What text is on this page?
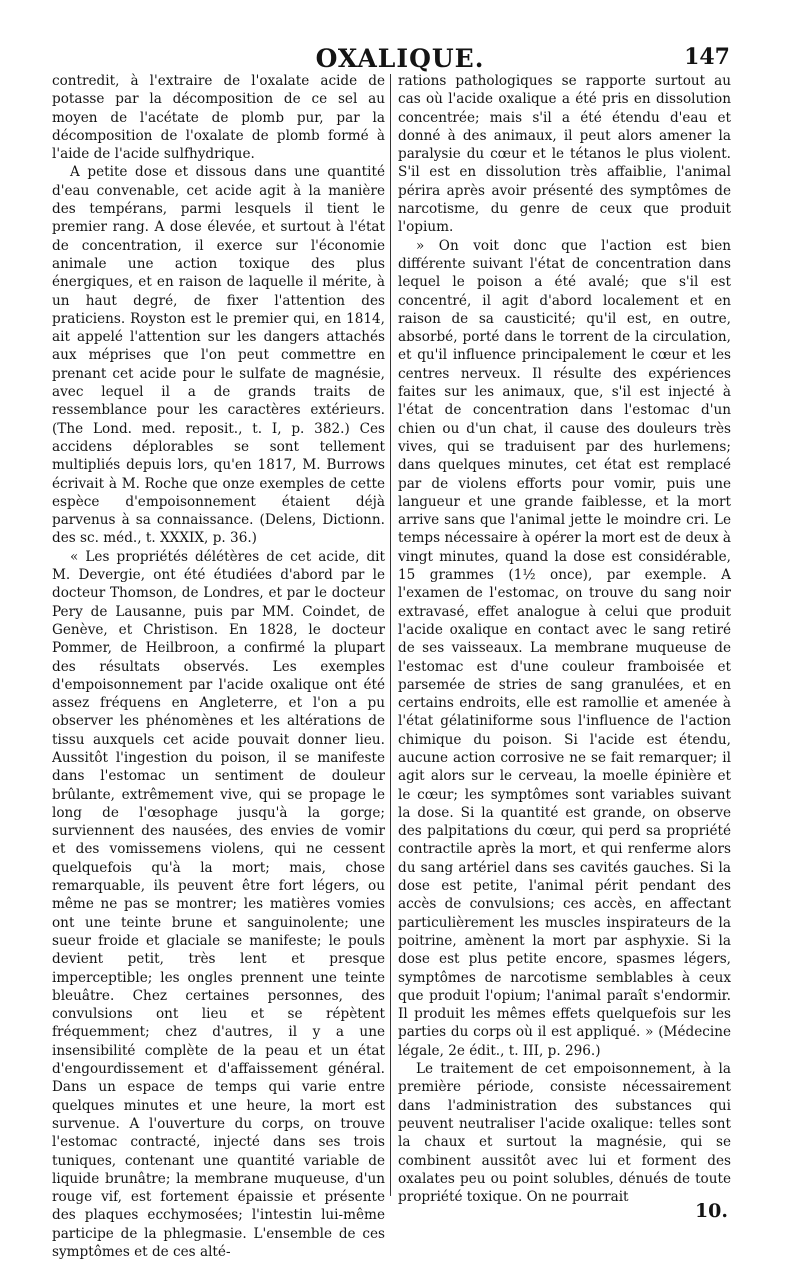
OXALIQUE.	147

contredit, à l'extraire de l'oxalate acide de potasse par la décomposition de ce sel au moyen de l'acétate de plomb pur, par la décomposition de l'oxalate de plomb formé à l'aide de l'acide sulfhydrique.

A petite dose et dissous dans une quantité d'eau convenable, cet acide agit à la manière des tempérans, parmi lesquels il tient le premier rang. A dose élevée, et surtout à l'état de concentration, il exerce sur l'économie animale une action toxique des plus énergiques, et en raison de laquelle il mérite, à un haut degré, de fixer l'attention des praticiens. Royston est le premier qui, en 1814, ait appelé l'attention sur les dangers attachés aux méprises que l'on peut commettre en prenant cet acide pour le sulfate de magnésie, avec lequel il a de grands traits de ressemblance pour les caractères extérieurs. (The Lond. med. reposit., t. I, p. 382.) Ces accidens déplorables se sont tellement multipliés depuis lors, qu'en 1817, M. Burrows écrivait à M. Roche que onze exemples de cette espèce d'empoisonnement étaient déjà parvenus à sa connaissance. (Delens, Dictionn. des sc. méd., t. XXXIX, p. 36.)

« Les propriétés délétères de cet acide, dit M. Devergie, ont été étudiées d'abord par le docteur Thomson, de Londres, et par le docteur Pery de Lausanne, puis par MM. Coindet, de Genève, et Christison. En 1828, le docteur Pommer, de Heilbroon, a confirmé la plupart des résultats observés. Les exemples d'empoisonnement par l'acide oxalique ont été assez fréquens en Angleterre, et l'on a pu observer les phénomènes et les altérations de tissu auxquels cet acide pouvait donner lieu. Aussitôt l'ingestion du poison, il se manifeste dans l'estomac un sentiment de douleur brûlante, extrêmement vive, qui se propage le long de l'œsophage jusqu'à la gorge; surviennent des nausées, des envies de vomir et des vomissemens violens, qui ne cessent quelquefois qu'à la mort; mais, chose remarquable, ils peuvent être fort légers, ou même ne pas se montrer; les matières vomies ont une teinte brune et sanguinolente; une sueur froide et glaciale se manifeste; le pouls devient petit, très lent et presque imperceptible; les ongles prennent une teinte bleuâtre. Chez certaines personnes, des convulsions ont lieu et se répètent fréquemment; chez d'autres, il y a une insensibilité complète de la peau et un état d'engourdissement et d'affaissement général. Dans un espace de temps qui varie entre quelques minutes et une heure, la mort est survenue. A l'ouverture du corps, on trouve l'estomac contracté, injecté dans ses trois tuniques, contenant une quantité variable de liquide brunâtre; la membrane muqueuse, d'un rouge vif, est fortement épaissie et présente des plaques ecchymosées; l'intestin lui-même participe de la phlegmasie. L'ensemble de ces symptômes et de ces alté-

rations pathologiques se rapporte surtout au cas où l'acide oxalique a été pris en dissolution concentrée; mais s'il a été étendu d'eau et donné à des animaux, il peut alors amener la paralysie du cœur et le tétanos le plus violent. S'il est en dissolution très affaiblie, l'animal périra après avoir présenté des symptômes de narcotisme, du genre de ceux que produit l'opium.

» On voit donc que l'action est bien différente suivant l'état de concentration dans lequel le poison a été avalé; que s'il est concentré, il agit d'abord localement et en raison de sa causticité; qu'il est, en outre, absorbé, porté dans le torrent de la circulation, et qu'il influence principalement le cœur et les centres nerveux. Il résulte des expériences faites sur les animaux, que, s'il est injecté à l'état de concentration dans l'estomac d'un chien ou d'un chat, il cause des douleurs très vives, qui se traduisent par des hurlemens; dans quelques minutes, cet état est remplacé par de violens efforts pour vomir, puis une langueur et une grande faiblesse, et la mort arrive sans que l'animal jette le moindre cri. Le temps nécessaire à opérer la mort est de deux à vingt minutes, quand la dose est considérable, 15 grammes (1½ once), par exemple. A l'examen de l'estomac, on trouve du sang noir extravasé, effet analogue à celui que produit l'acide oxalique en contact avec le sang retiré de ses vaisseaux. La membrane muqueuse de l'estomac est d'une couleur framboisée et parsemée de stries de sang granulées, et en certains endroits, elle est ramollie et amenée à l'état gélatiniforme sous l'influence de l'action chimique du poison. Si l'acide est étendu, aucune action corrosive ne se fait remarquer; il agit alors sur le cerveau, la moelle épinière et le cœur; les symptômes sont variables suivant la dose. Si la quantité est grande, on observe des palpitations du cœur, qui perd sa propriété contractile après la mort, et qui renferme alors du sang artériel dans ses cavités gauches. Si la dose est petite, l'animal périt pendant des accès de convulsions; ces accès, en affectant particulièrement les muscles inspirateurs de la poitrine, amènent la mort par asphyxie. Si la dose est plus petite encore, spasmes légers, symptômes de narcotisme semblables à ceux que produit l'opium; l'animal paraît s'endormir. Il produit les mêmes effets quelquefois sur les parties du corps où il est appliqué. » (Médecine légale, 2e édit., t. III, p. 296.)

Le traitement de cet empoisonnement, à la première période, consiste nécessairement dans l'administration des substances qui peuvent neutraliser l'acide oxalique: telles sont la chaux et surtout la magnésie, qui se combinent aussitôt avec lui et forment des oxalates peu ou point solubles, dénués de toute propriété toxique. On ne pourrait

10.
